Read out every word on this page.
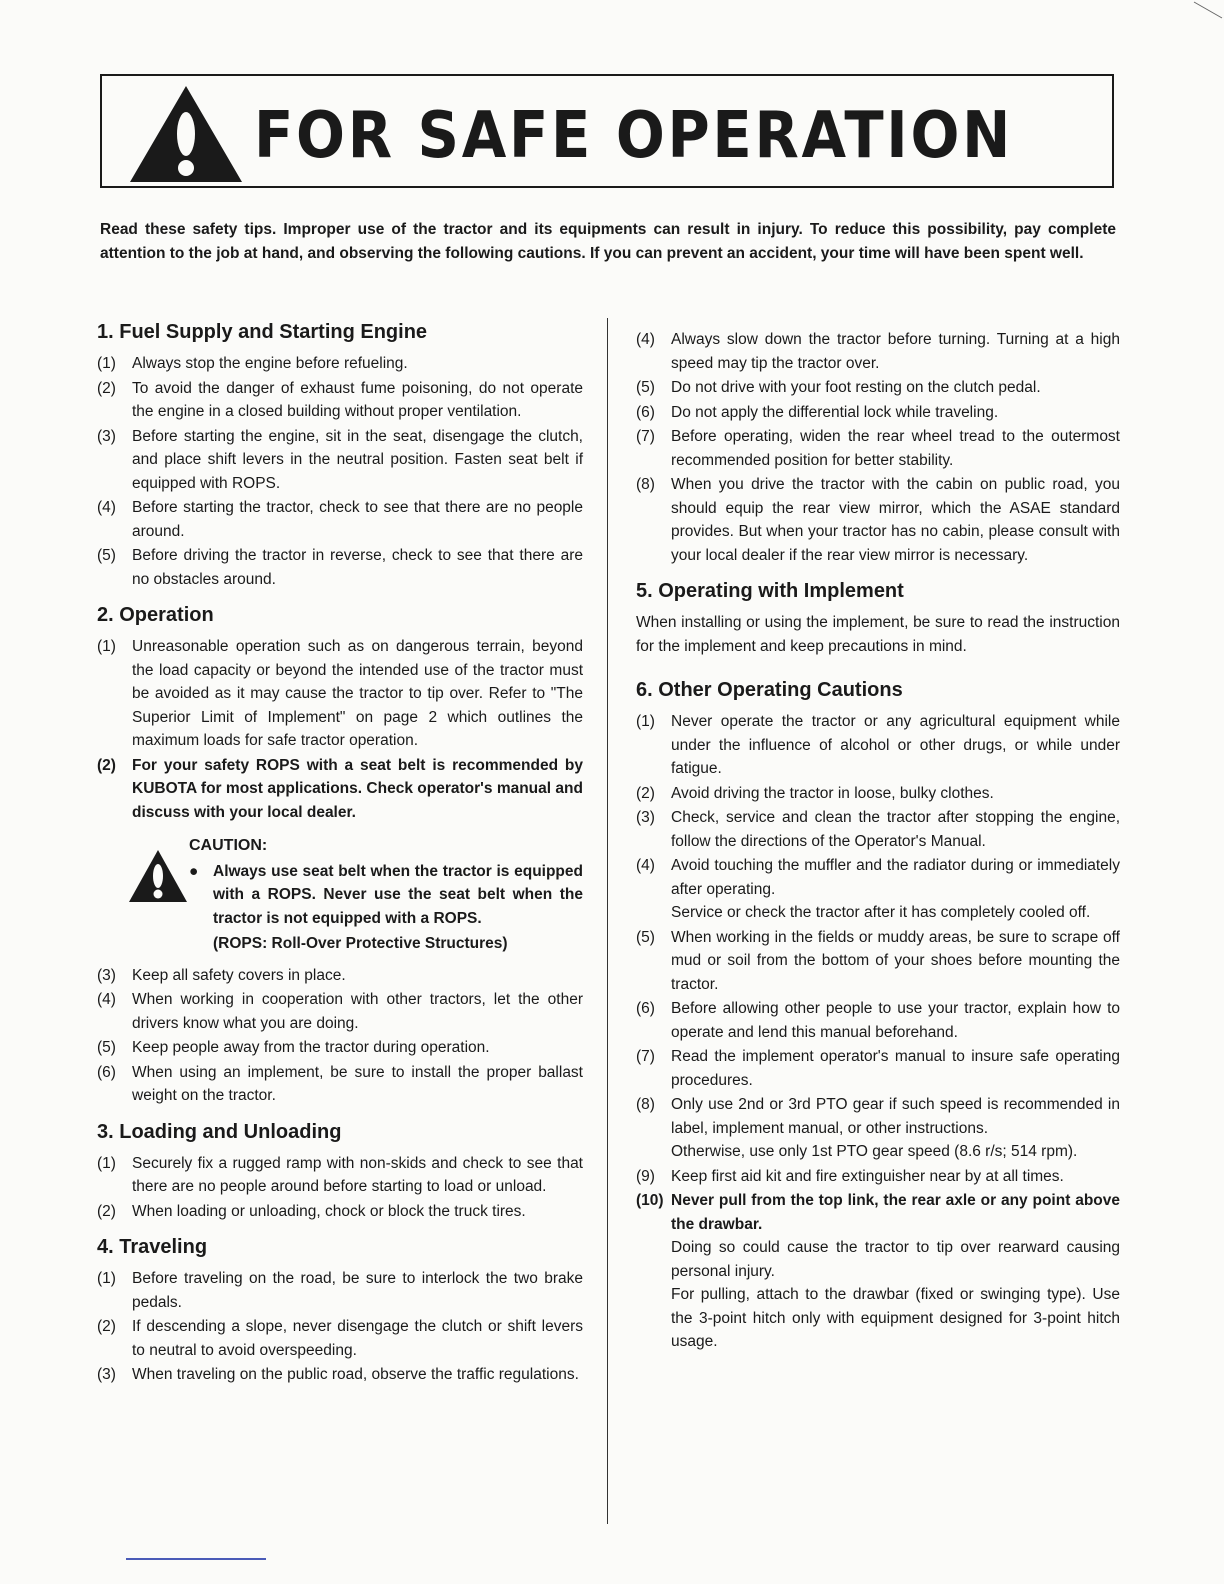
FOR SAFE OPERATION
Read these safety tips. Improper use of the tractor and its equipments can result in injury. To reduce this possibility, pay complete attention to the job at hand, and observing the following cautions. If you can prevent an accident, your time will have been spent well.
1. Fuel Supply and Starting Engine
(1)	Always stop the engine before refueling.
(2)	To avoid the danger of exhaust fume poisoning, do not operate the engine in a closed building without proper ventilation.
(3)	Before starting the engine, sit in the seat, disengage the clutch, and place shift levers in the neutral position. Fasten seat belt if equipped with ROPS.
(4)	Before starting the tractor, check to see that there are no people around.
(5)	Before driving the tractor in reverse, check to see that there are no obstacles around.
2. Operation
(1)	Unreasonable operation such as on dangerous terrain, beyond the load capacity or beyond the intended use of the tractor must be avoided as it may cause the tractor to tip over. Refer to "The Superior Limit of Implement" on page 2 which outlines the maximum loads for safe tractor operation.
(2)	For your safety ROPS with a seat belt is recommended by KUBOTA for most applications. Check operator's manual and discuss with your local dealer.
CAUTION:
● Always use seat belt when the tractor is equipped with a ROPS. Never use the seat belt when the tractor is not equipped with a ROPS.
(ROPS: Roll-Over Protective Structures)
(3)	Keep all safety covers in place.
(4)	When working in cooperation with other tractors, let the other drivers know what you are doing.
(5)	Keep people away from the tractor during operation.
(6)	When using an implement, be sure to install the proper ballast weight on the tractor.
3. Loading and Unloading
(1)	Securely fix a rugged ramp with non-skids and check to see that there are no people around before starting to load or unload.
(2)	When loading or unloading, chock or block the truck tires.
4. Traveling
(1)	Before traveling on the road, be sure to interlock the two brake pedals.
(2)	If descending a slope, never disengage the clutch or shift levers to neutral to avoid overspeeding.
(3)	When traveling on the public road, observe the traffic regulations.
(4)	Always slow down the tractor before turning. Turning at a high speed may tip the tractor over.
(5)	Do not drive with your foot resting on the clutch pedal.
(6)	Do not apply the differential lock while traveling.
(7)	Before operating, widen the rear wheel tread to the outermost recommended position for better stability.
(8)	When you drive the tractor with the cabin on public road, you should equip the rear view mirror, which the ASAE standard provides. But when your tractor has no cabin, please consult with your local dealer if the rear view mirror is necessary.
5. Operating with Implement
When installing or using the implement, be sure to read the instruction for the implement and keep precautions in mind.
6. Other Operating Cautions
(1)	Never operate the tractor or any agricultural equipment while under the influence of alcohol or other drugs, or while under fatigue.
(2)	Avoid driving the tractor in loose, bulky clothes.
(3)	Check, service and clean the tractor after stopping the engine, follow the directions of the Operator's Manual.
(4)	Avoid touching the muffler and the radiator during or immediately after operating.
Service or check the tractor after it has completely cooled off.
(5)	When working in the fields or muddy areas, be sure to scrape off mud or soil from the bottom of your shoes before mounting the tractor.
(6)	Before allowing other people to use your tractor, explain how to operate and lend this manual beforehand.
(7)	Read the implement operator's manual to insure safe operating procedures.
(8)	Only use 2nd or 3rd PTO gear if such speed is recommended in label, implement manual, or other instructions.
Otherwise, use only 1st PTO gear speed (8.6 r/s; 514 rpm).
(9)	Keep first aid kit and fire extinguisher near by at all times.
(10) Never pull from the top link, the rear axle or any point above the drawbar.
Doing so could cause the tractor to tip over rearward causing personal injury.
For pulling, attach to the drawbar (fixed or swinging type). Use the 3-point hitch only with equipment designed for 3-point hitch usage.
